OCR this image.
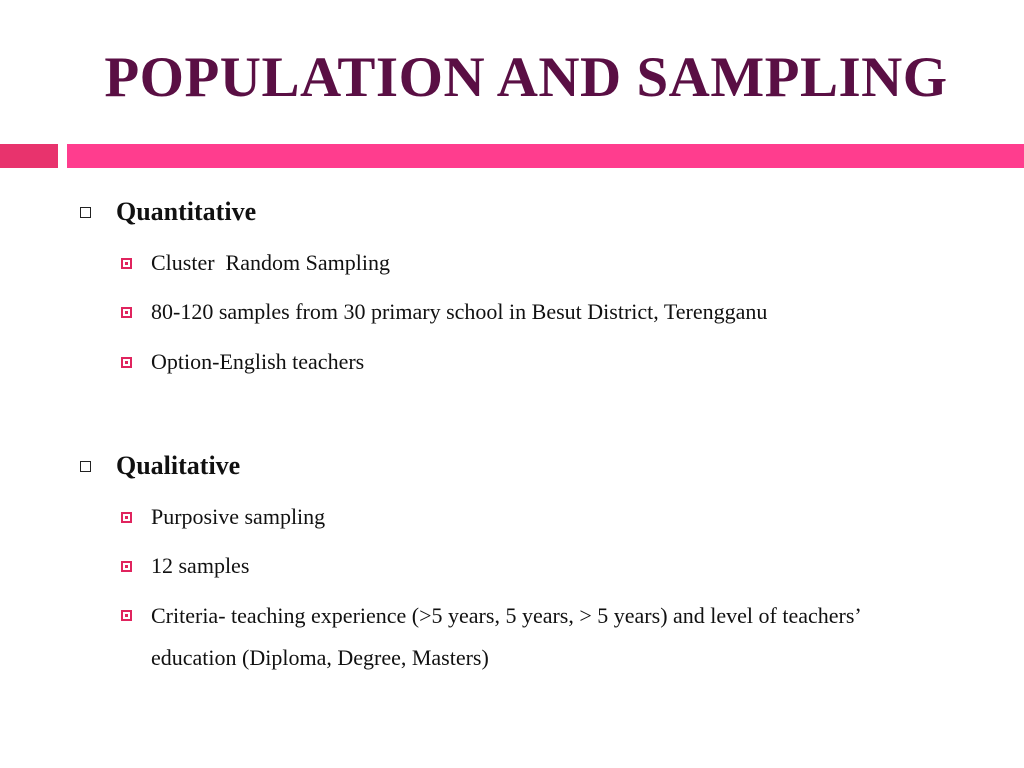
POPULATION AND SAMPLING
Quantitative
Cluster  Random Sampling
80-120 samples from 30 primary school in Besut District, Terengganu
Option-English teachers
Qualitative
Purposive sampling
12 samples
Criteria- teaching experience (>5 years, 5 years, > 5 years) and level of teachers’ education (Diploma, Degree, Masters)
